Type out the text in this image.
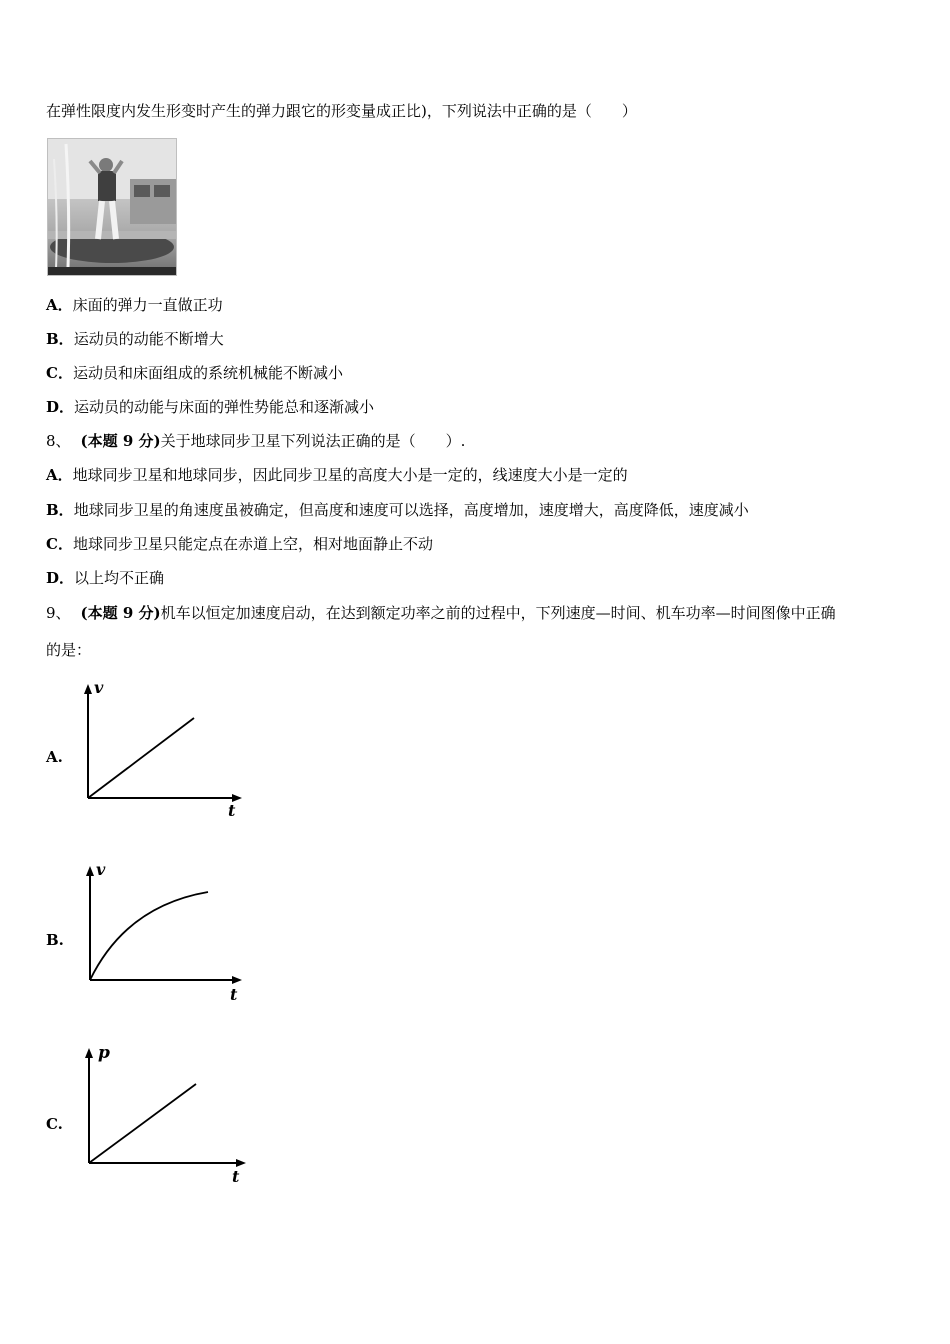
在弹性限度内发生形变时产生的弹力跟它的形变量成正比)，下列说法中正确的是（　　）
A．床面的弹力一直做正功
B．运动员的动能不断增大
C．运动员和床面组成的系统机械能不断减小
D．运动员的动能与床面的弹性势能总和逐渐减小
8、 (本题 9 分)关于地球同步卫星下列说法正确的是（　　）.
A．地球同步卫星和地球同步，因此同步卫星的高度大小是一定的，线速度大小是一定的
B．地球同步卫星的角速度虽被确定，但高度和速度可以选择，高度增加，速度增大，高度降低，速度减小
C．地球同步卫星只能定点在赤道上空，相对地面静止不动
D．以上均不正确
9、 (本题 9 分)机车以恒定加速度启动，在达到额定功率之前的过程中，下列速度—时间、机车功率—时间图像中正确
的是：
A.
v
t
B.
v
t
C.
p
t
